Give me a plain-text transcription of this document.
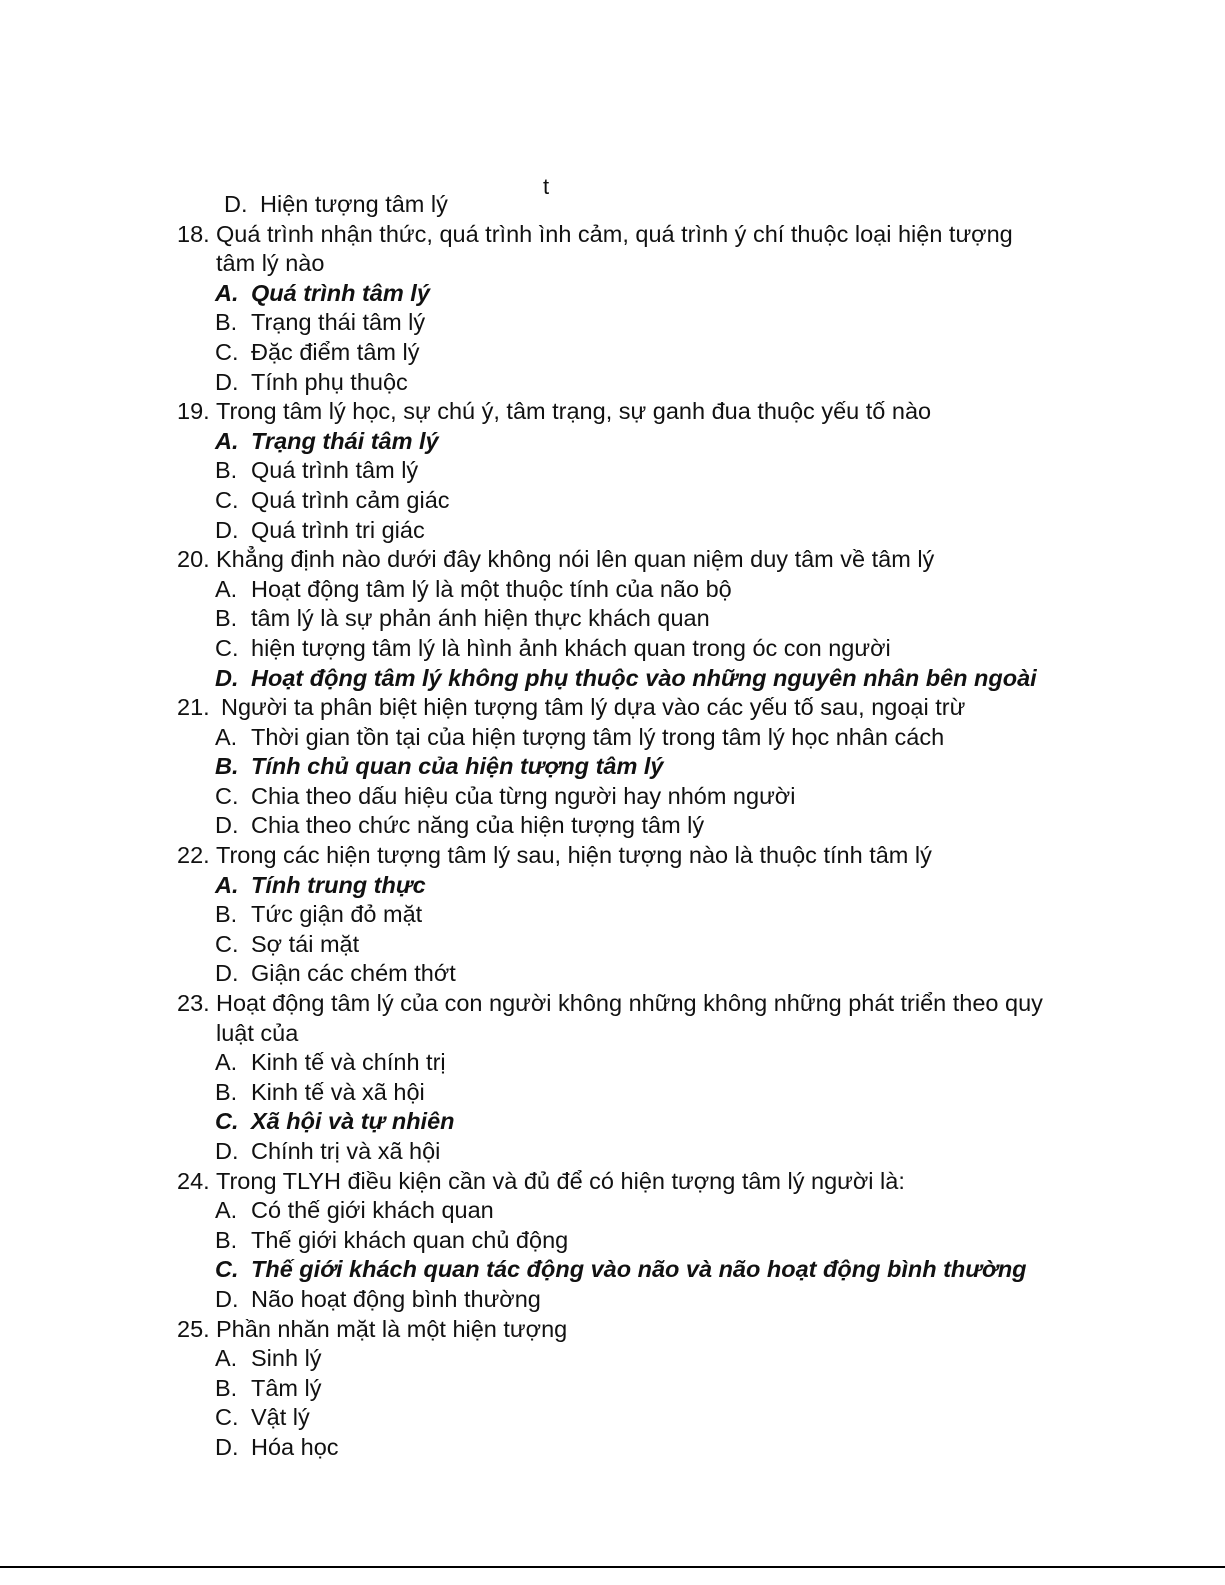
t
D. Hiện tượng tâm lý
18. Quá trình nhận thức, quá trình ình cảm, quá trình ý chí thuộc loại hiện tượng
tâm lý nào
A. Quá trình tâm lý
B. Trạng thái tâm lý
C. Đặc điểm tâm lý
D. Tính phụ thuộc
19. Trong tâm lý học, sự chú ý, tâm trạng, sự ganh đua thuộc yếu tố nào
A. Trạng thái tâm lý
B. Quá trình tâm lý
C. Quá trình cảm giác
D. Quá trình tri giác
20. Khẳng định nào dưới đây không nói lên quan niệm duy tâm về tâm lý
A. Hoạt động tâm lý là một thuộc tính của não bộ
B. tâm lý là sự phản ánh hiện thực khách quan
C. hiện tượng tâm lý là hình ảnh khách quan trong óc con người
D. Hoạt động tâm lý không phụ thuộc vào những nguyên nhân bên ngoài
21. Người ta phân biệt hiện tượng tâm lý dựa vào các yếu tố sau, ngoại trừ
A. Thời gian tồn tại của hiện tượng tâm lý trong tâm lý học nhân cách
B. Tính chủ quan của hiện tượng tâm lý
C. Chia theo dấu hiệu của từng người hay nhóm người
D. Chia theo chức năng của hiện tượng tâm lý
22. Trong các hiện tượng tâm lý sau, hiện tượng nào là thuộc tính tâm lý
A. Tính trung thực
B. Tức giận đỏ mặt
C. Sợ tái mặt
D. Giận các chém thớt
23. Hoạt động tâm lý của con người không những không những phát triển theo quy
luật của
A. Kinh tế và chính trị
B. Kinh tế và xã hội
C. Xã hội và tự nhiên
D. Chính trị và xã hội
24. Trong TLYH điều kiện cần và đủ để có hiện tượng tâm lý người là:
A. Có thế giới khách quan
B. Thế giới khách quan chủ động
C. Thế giới khách quan tác động vào não và não hoạt động bình thường
D. Não hoạt động bình thường
25. Phần nhăn mặt là một hiện tượng
A. Sinh lý
B. Tâm lý
C. Vật lý
D. Hóa học
